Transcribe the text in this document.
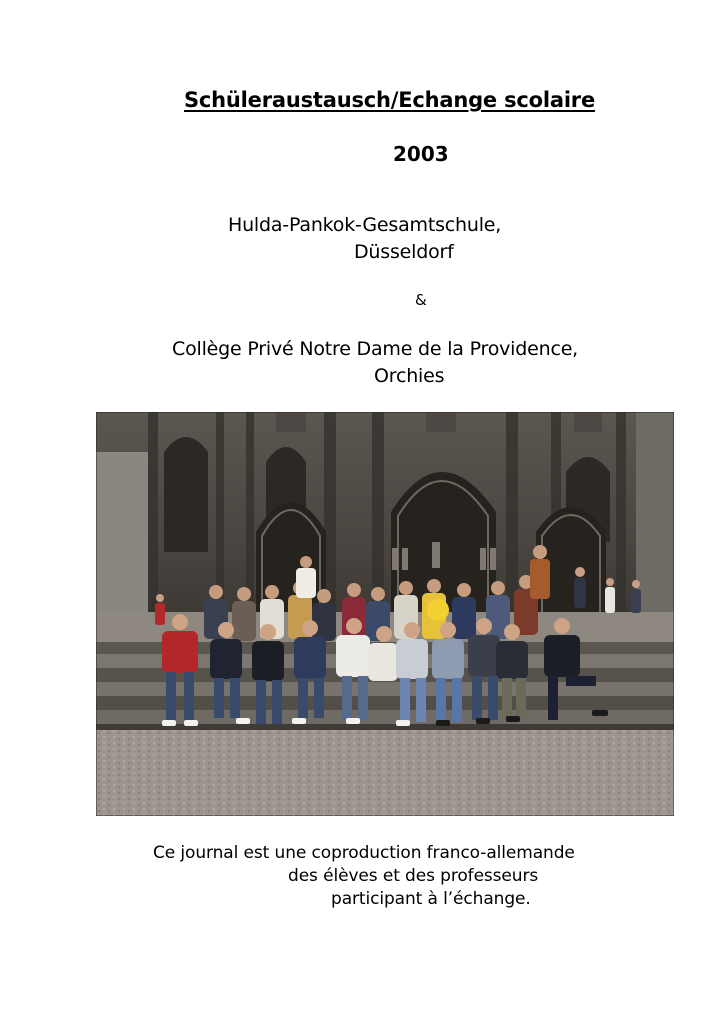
Schüleraustausch/Echange scolaire
2003
Hulda-Pankok-Gesamtschule,
Düsseldorf
&
Collège Privé Notre Dame de la Providence,
Orchies
Ce journal est une coproduction franco-allemande
des élèves et des professeurs
participant à l’échange.
